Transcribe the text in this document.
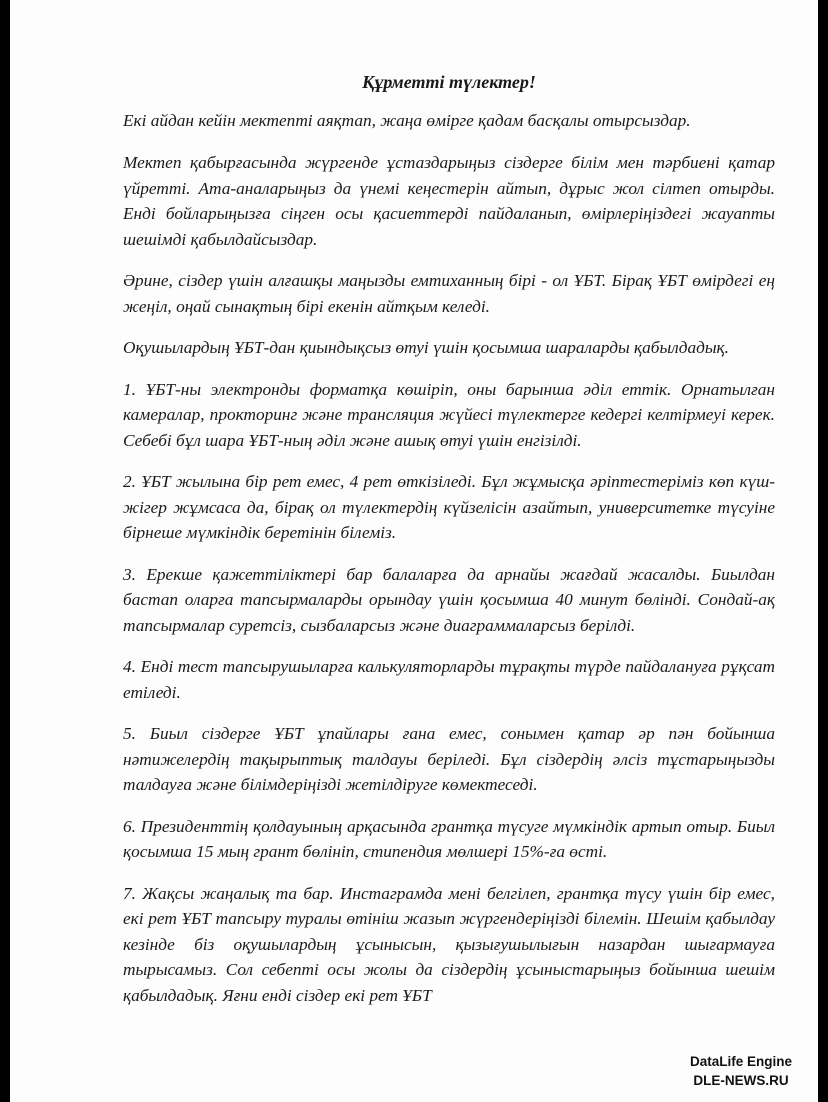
Құрметті түлектер!

Екі айдан кейін мектепті аяқтап, жаңа өмірге қадам басқалы отырсыздар.

Мектеп қабырғасында жүргенде ұстаздарыңыз сіздерге білім мен тәрбиені қатар үйретті. Ата-аналарыңыз да үнемі кеңестерін айтып, дұрыс жол сілтеп отырды. Енді бойларыңызға сіңген осы қасиеттерді пайдаланып, өмірлеріңіздегі жауапты шешімді қабылдайсыздар.

Әрине, сіздер үшін алғашқы маңызды емтиханның бірі - ол ҰБТ. Бірақ ҰБТ өмірдегі ең жеңіл, оңай сынақтың бірі екенін айтқым келеді.

Оқушылардың ҰБТ-дан қиындықсыз өтуі үшін қосымша шараларды қабылдадық.

1. ҰБТ-ны электронды форматқа көшіріп, оны барынша әділ еттік. Орнатылған камералар, прокторинг және трансляция жүйесі түлектерге кедергі келтірмеуі керек. Себебі бұл шара ҰБТ-ның әділ және ашық өтуі үшін енгізілді.

2. ҰБТ жылына бір рет емес, 4 рет өткізіледі. Бұл жұмысқа әріптестеріміз көп күш-жігер жұмсаса да, бірақ ол түлектердің күйзелісін азайтып, университетке түсуіне бірнеше мүмкіндік беретінін білеміз.

3. Ерекше қажеттіліктері бар балаларға да арнайы жағдай жасалды. Биылдан бастап оларға тапсырмаларды орындау үшін қосымша 40 минут бөлінді. Сондай-ақ тапсырмалар суретсіз, сызбаларсыз және диаграммаларсыз берілді.

4. Енді тест тапсырушыларға калькуляторларды тұрақты түрде пайдалануға рұқсат етіледі.

5. Биыл сіздерге ҰБТ ұпайлары ғана емес, сонымен қатар әр пән бойынша нәтижелердің тақырыптық талдауы беріледі. Бұл сіздердің әлсіз тұстарыңызды талдауға және білімдеріңізді жетілдіруге көмектеседі.

6. Президенттің қолдауының арқасында грантқа түсуге мүмкіндік артып отыр. Биыл қосымша 15 мың грант бөлініп, стипендия мөлшері 15%-ға өсті.

7. Жақсы жаңалық та бар. Инстаграмда мені белгілеп, грантқа түсу үшін бір емес, екі рет ҰБТ тапсыру туралы өтініш жазып жүргендеріңізді білемін. Шешім қабылдау кезінде біз оқушылардың ұсынысын, қызығушылығын назардан шығармауға тырысамыз. Сол себепті осы жолы да сіздердің ұсыныстарыңыз бойынша шешім қабылдадық. Яғни енді сіздер екі рет ҰБТ

DataLife Engine
DLE-NEWS.RU
